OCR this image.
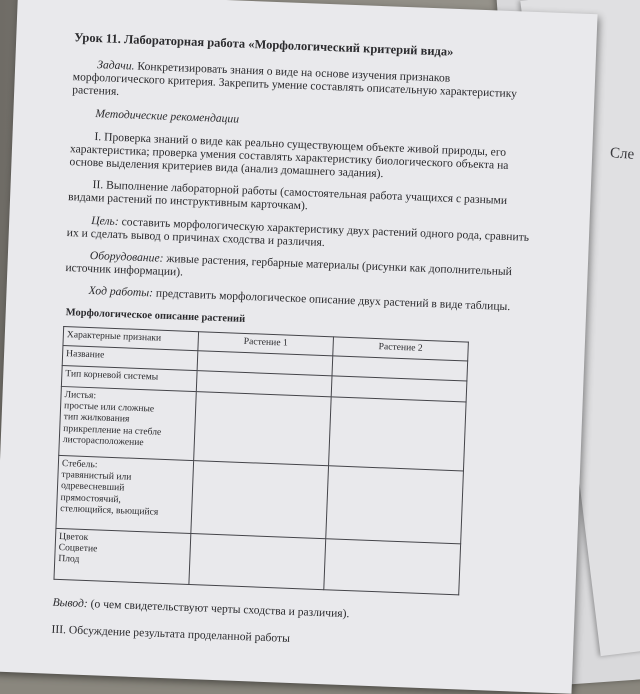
Сле

Урок 11. Лабораторная работа «Морфологический критерий вида»

Задачи. Конкретизировать знания о виде на основе изучения признаков морфологического критерия. Закрепить умение составлять описательную характеристику растения.

Методические рекомендации

I. Проверка знаний о виде как реально существующем объекте живой природы, его характеристика; проверка умения составлять характеристику биологического объекта на основе выделения критериев вида (анализ домашнего задания).

II. Выполнение лабораторной работы (самостоятельная работа учащихся с разными видами растений по инструктивным карточкам).

Цель: составить морфологическую характеристику двух растений одного рода, сравнить их и сделать вывод о причинах сходства и различия.

Оборудование: живые растения, гербарные материалы (рисунки как дополнительный источник информации).

Ход работы: представить морфологическое описание двух растений в виде таблицы.

Морфологическое описание растений

Характерные признаки	Растение 1	Растение 2
Название		
Тип корневой системы		

Листья:
простые или сложные
тип жилкования
прикрепление на стебле
листорасположение		

Стебель:
травянистый или
одревесневший
прямостоячий,
стелющийся, вьющийся		

Цветок
Соцветие
Плод		

Вывод: (о чем свидетельствуют черты сходства и различия).

III. Обсуждение результата проделанной работы
